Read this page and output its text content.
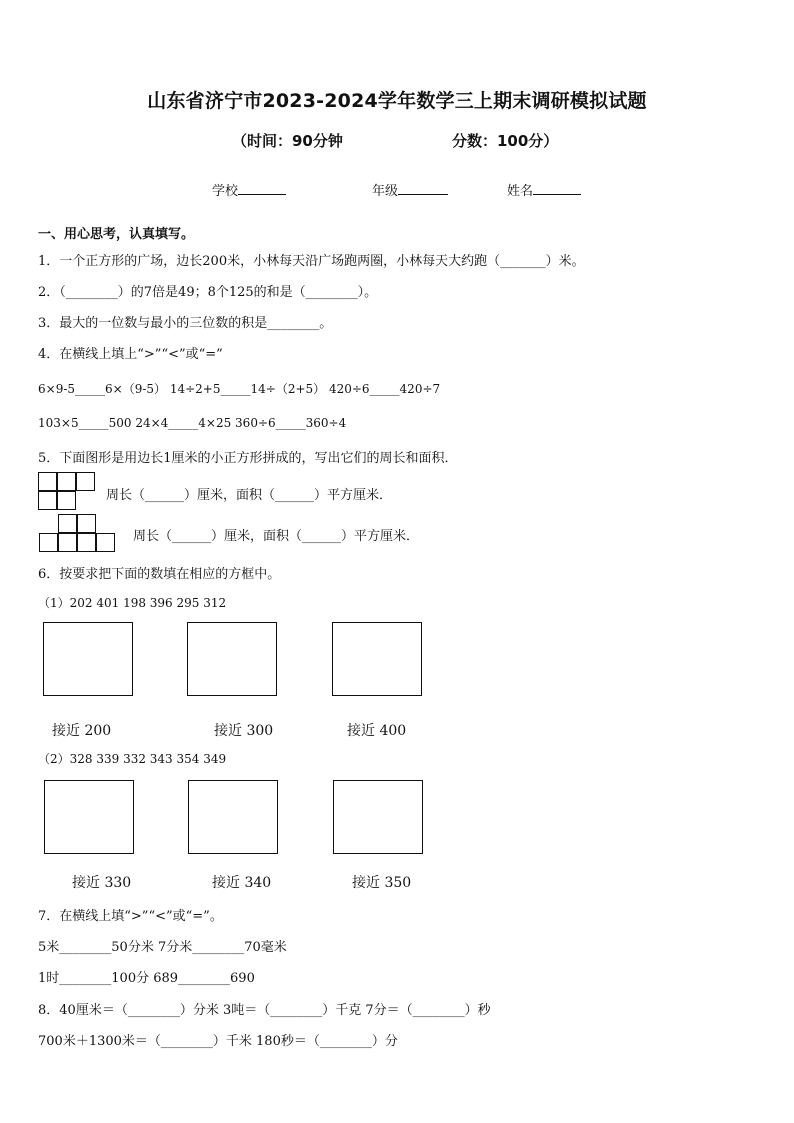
山东省济宁市2023-2024学年数学三上期末调研模拟试题
（时间：90分钟	分数：100分）
学校	年级	姓名
一、用心思考，认真填写。
1．一个正方形的广场，边长200米，小林每天沿广场跑两圈，小林每天大约跑（_______）米。
2．（________）的7倍是49；8个125的和是（________）。
3．最大的一位数与最小的三位数的积是________。
4．在横线上填上“>”“<”或“=”
6×9-5_____6×（9-5） 14÷2+5_____14÷（2+5） 420÷6_____420÷7
103×5_____500 24×4_____4×25 360÷6_____360÷4
5．下面图形是用边长1厘米的小正方形拼成的，写出它们的周长和面积．
周长（______）厘米，面积（______）平方厘米．
周长（______）厘米，面积（______）平方厘米．
6．按要求把下面的数填在相应的方框中。
（1）202 401 198 396 295 312
接近 200	接近 300	接近 400
（2）328 339 332 343 354 349
接近 330	接近 340	接近 350
7．在横线上填“>”“<”或“=”。
5米________50分米 7分米________70毫米
1时________100分 689________690
8．40厘米＝（________）分米 3吨＝（________）千克 7分＝（________）秒
700米＋1300米＝（________）千米 180秒＝（________）分
